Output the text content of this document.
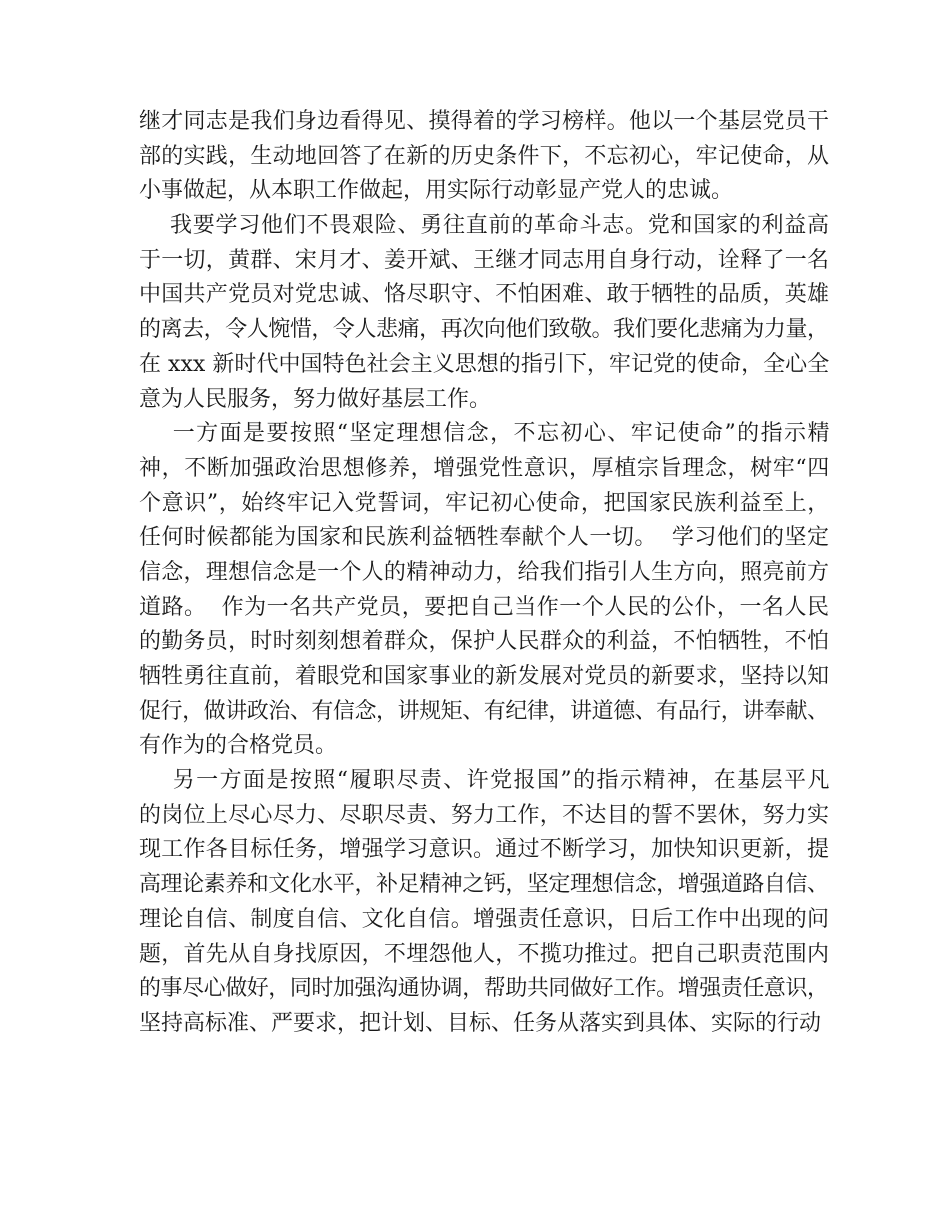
继才同志是我们身边看得见、摸得着的学习榜样。他以一个基层党员干
部的实践，生动地回答了在新的历史条件下，不忘初心，牢记使命，从
小事做起，从本职工作做起，用实际行动彰显产党人的忠诚。
我要学习他们不畏艰险、勇往直前的革命斗志。党和国家的利益高
于一切，黄群、宋月才、姜开斌、王继才同志用自身行动，诠释了一名
中国共产党员对党忠诚、恪尽职守、不怕困难、敢于牺牲的品质，英雄
的离去，令人惋惜，令人悲痛，再次向他们致敬。我们要化悲痛为力量，
在 xxx 新时代中国特色社会主义思想的指引下，牢记党的使命，全心全
意为人民服务，努力做好基层工作。
一方面是要按照“坚定理想信念，不忘初心、牢记使命”的指示精
神，不断加强政治思想修养，增强党性意识，厚植宗旨理念，树牢“四
个意识”，始终牢记入党誓词，牢记初心使命，把国家民族利益至上，
任何时候都能为国家和民族利益牺牲奉献个人一切。  学习他们的坚定
信念，理想信念是一个人的精神动力，给我们指引人生方向，照亮前方
道路。  作为一名共产党员，要把自己当作一个人民的公仆，一名人民
的勤务员，时时刻刻想着群众，保护人民群众的利益，不怕牺牲，不怕
牺牲勇往直前，着眼党和国家事业的新发展对党员的新要求，坚持以知
促行，做讲政治、有信念，讲规矩、有纪律，讲道德、有品行，讲奉献、
有作为的合格党员。
另一方面是按照“履职尽责、许党报国”的指示精神，在基层平凡
的岗位上尽心尽力、尽职尽责、努力工作，不达目的誓不罢休，努力实
现工作各目标任务，增强学习意识。通过不断学习，加快知识更新，提
高理论素养和文化水平，补足精神之钙，坚定理想信念，增强道路自信、
理论自信、制度自信、文化自信。增强责任意识，日后工作中出现的问
题，首先从自身找原因，不埋怨他人，不揽功推过。把自己职责范围内
的事尽心做好，同时加强沟通协调，帮助共同做好工作。增强责任意识，
坚持高标准、严要求，把计划、目标、任务从落实到具体、实际的行动
